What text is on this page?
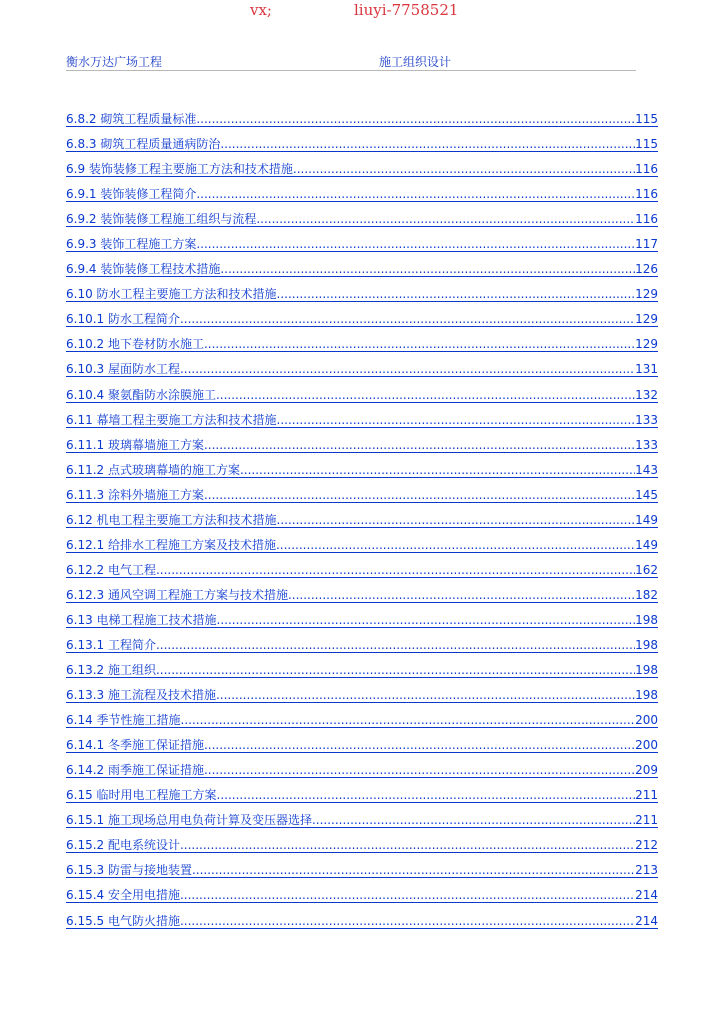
vx;	liuyi-7758521
衡水万达广场工程	施工组织设计
6.8.2 砌筑工程质量标准 .....	115
6.8.3 砌筑工程质量通病防治 .....	115
6.9 装饰装修工程主要施工方法和技术措施 .....	116
6.9.1 装饰装修工程简介 .....	116
6.9.2 装饰装修工程施工组织与流程 .....	116
6.9.3 装饰工程施工方案 .....	117
6.9.4 装饰装修工程技术措施 .....	126
6.10 防水工程主要施工方法和技术措施 .....	129
6.10.1 防水工程简介 .....	129
6.10.2 地下卷材防水施工 .....	129
6.10.3 屋面防水工程 .....	131
6.10.4 聚氨酯防水涂膜施工 .....	132
6.11 幕墙工程主要施工方法和技术措施 .....	133
6.11.1 玻璃幕墙施工方案 .....	133
6.11.2 点式玻璃幕墙的施工方案 .....	143
6.11.3 涂料外墙施工方案 .....	145
6.12 机电工程主要施工方法和技术措施 .....	149
6.12.1 给排水工程施工方案及技术措施 .....	149
6.12.2 电气工程 .....	162
6.12.3 通风空调工程施工方案与技术措施 .....	182
6.13 电梯工程施工技术措施 .....	198
6.13.1 工程简介 .....	198
6.13.2 施工组织 .....	198
6.13.3 施工流程及技术措施 .....	198
6.14 季节性施工措施 .....	200
6.14.1 冬季施工保证措施 .....	200
6.14.2 雨季施工保证措施 .....	209
6.15 临时用电工程施工方案 .....	211
6.15.1 施工现场总用电负荷计算及变压器选择 .....	211
6.15.2 配电系统设计 .....	212
6.15.3 防雷与接地装置 .....	213
6.15.4 安全用电措施 .....	214
6.15.5 电气防火措施 .....	214
